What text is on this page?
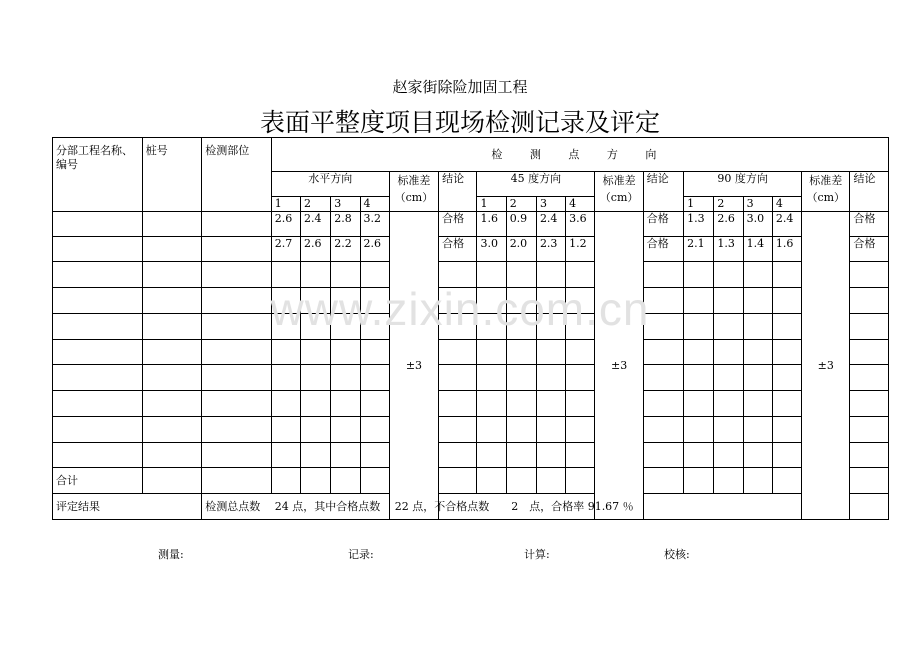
赵家街除险加固工程
表面平整度项目现场检测记录及评定
分部工程名称、编号	桩号	检测部位	检 测 点 方 向																	
			水平方向				标准差（cm）	结论	45 度方向				标准差（cm）	结论	90 度方向				标准差（cm）	结论
			1	2	3	4			1	2	3	4			1	2	3	4		
			2.6	2.4	2.8	3.2	±3	合格	1.6	0.9	2.4	3.6	±3	合格	1.3	2.6	3.0	2.4	±3	合格
			2.7	2.6	2.2	2.6		合格	3.0	2.0	2.3	1.2		合格	2.1	1.3	1.4	1.6		合格

合计																				
评定结果		检测总点数　 24 点，其中合格点数　 22 点，不合格点数　　2　点，合格率 91.67 ％																		
测量:	记录:	计算:	校核:
www.zixin.com.cn
